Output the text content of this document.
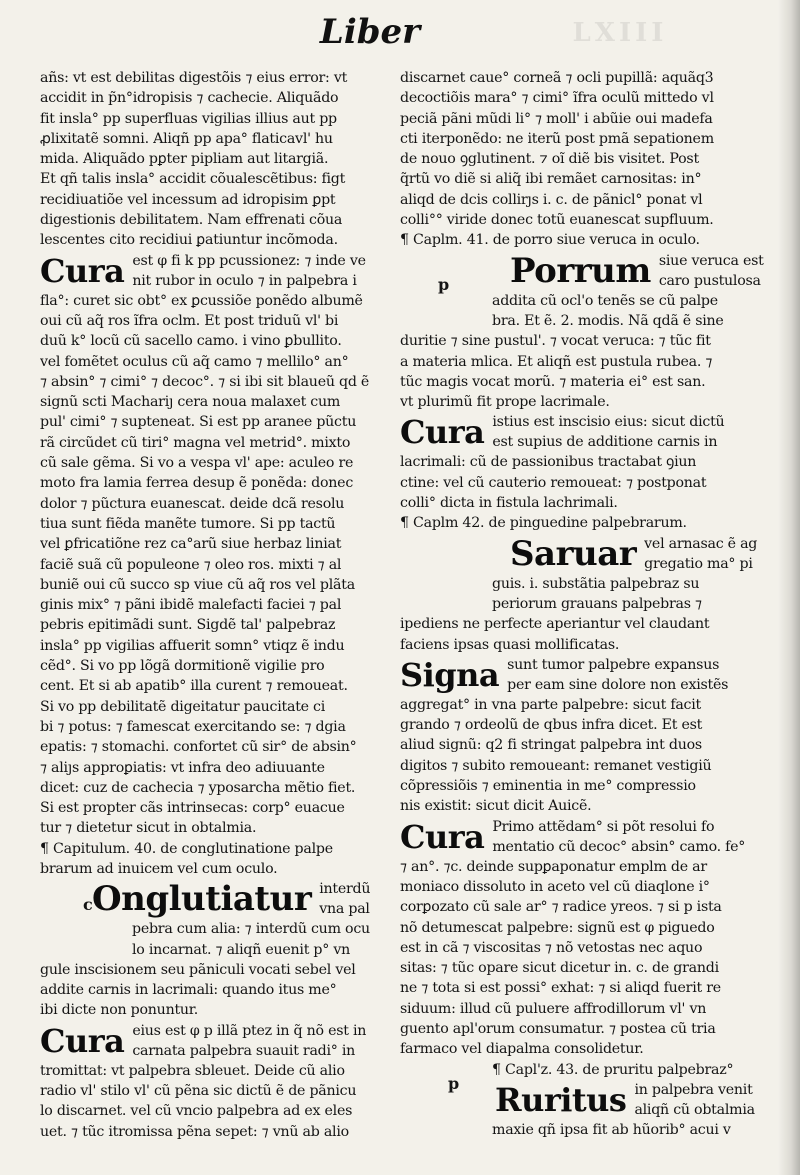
LXIII
Liber
c
p
p
añs: vt est debilitas digestõis ⁊ eius error: vt
accidit in p̃n°idropisis ⁊ cachecie. Aliquãdo
fit insla° pp superfluas vigilias illius aut pp
ꝓlixitatẽ somni. Aliqñ pp apa° flaticavl' hu
mida. Aliquãdo pꝑter pipliam aut litargiã.
Et qñ talis insla° accidit cõualescẽtibus: figt
recidiuatiõe vel incessum ad idropisim ꝑpt
digestionis debilitatem. Nam effrenati cõua
lescentes cito recidiui ꝑatiuntur incõmoda.
Cura est φ fi k pp pcussionez: ⁊ inde ve
nit rubor in oculo ⁊ in palpebra i
fla°: curet sic obt° ex ꝑcussiõe ponẽdo albumẽ
oui cũ aq̃ ros ĩfra oclm. Et post triduũ vl' bi
duũ k° locũ cũ sacello camo. i vino ꝑbullito.
vel fomẽtet oculus cũ aq̃ camo ⁊ mellilo° an°
⁊ absin° ⁊ cimi° ⁊ decoc°. ⁊ si ibi sit blaueũ qd ẽ
signũ scti Machariȷ cera noua malaxet cum
pul' cimi° ⁊ supteneat. Si est pp aranee pũctu
rã circũdet cũ tiri° magna vel metrid°. mixto
cũ sale gẽma. Si vo a vespa vl' ape: aculeo re
moto fra lamia ferrea desup ẽ ponẽda: donec
dolor ⁊ pũctura euanescat. deide dcã resolu
tiua sunt fiẽda manẽte tumore. Si pp tactũ
vel ꝑfricatiõne rez ca°arũ siue herbaz liniat
faciẽ suã cũ populeone ⁊ oleo ros. mixti ⁊ al
buniẽ oui cũ succo sp viue cũ aq̃ ros vel plãta
ginis mix° ⁊ pãni ibidẽ malefacti faciei ⁊ pal
pebris epitimãdi sunt. Sigdẽ tal' palpebraz
insla° pp vigilias affuerit somn° vtiqz ẽ indu
cẽd°. Si vo pp lõgã dormitionẽ vigilie pro
cent. Et si ab apatib° illa curent ⁊ remoueat.
Si vo pp debilitatẽ digeitatur paucitate ci
bi ⁊ potus: ⁊ famescat exercitando se: ⁊ dgia
epatis: ⁊ stomachi. confortet cũ sir° de absin°
⁊ aliȷs approꝑiatis: vt infra deo adiuuante
dicet: cuz de cachecia ⁊ yposarcha mẽtio fiet.
Si est propter cãs intrinsecas: corp° euacue
tur ⁊ dietetur sicut in obtalmia.
¶ Capitulum. 40. de conglutinatione palpe
brarum ad inuicem vel cum oculo.
Onglutiatur interdũ
vna pal
pebra cum alia: ⁊ interdũ cum ocu
lo incarnat. ⁊ aliqñ euenit p° vn
gule inscisionem seu pãniculi vocati sebel vel
addite carnis in lacrimali: quando itus me°
ibi dicte non ponuntur.
Cura eius est φ p illã ptez in q̃ nõ est in
carnata palpebra suauit radi° in
tromittat: vt palpebra sbleuet. Deide cũ alio
radio vl' stilo vl' cũ pẽna sic dictũ ẽ de pãnicu
lo discarnet. vel cũ vncio palpebra ad ex eles
uet. ⁊ tũc itromissa pẽna sepet: ⁊ vnũ ab alio
discarnet caue° corneã ⁊ ocli pupillã: aquãq3
decoctiõis mara° ⁊ cimi° ĩfra oculũ mittedo vl
peciã pãni mũdi li° ⁊ moll' i abũie oui madefa
cti iterponẽdo: ne iterũ post pmã sepationem
de nouo ꝯglutinent. ⁊ oĩ diẽ bis visitet. Post
q̃rtũ vo diẽ si aliq̃ ibi remãet carnositas: in°
aliqd de dcis collirȷs i. c. de pãnicl° ponat vl
colli°° viride donec totũ euanescat supfluum.
¶ Caplm. 41. de porro siue veruca in oculo.
Porrum siue veruca est
caro pustulosa
addita cũ ocl'o tenẽs se cũ palpe
bra. Et ẽ. 2. modis. Nã qdã ẽ sine
duritie ⁊ sine pustul'. ⁊ vocat veruca: ⁊ tũc fit
a materia mlica. Et aliqñ est pustula rubea. ⁊
tũc magis vocat morũ. ⁊ materia ei° est san.
vt plurimũ fit prope lacrimale.
Cura istius est inscisio eius: sicut dictũ
est supius de additione carnis in
lacrimali: cũ de passionibus tractabat ꝯiun
ctine: vel cũ cauterio remoueat: ⁊ postponat
colli° dicta in fistula lachrimali.
¶ Caplm 42. de pinguedine palpebrarum.
Saruar vel arnasac ẽ ag
gregatio ma° pi
guis. i. substãtia palpebraz su
periorum grauans palpebras ⁊
ipediens ne perfecte aperiantur vel claudant
faciens ipsas quasi mollificatas.
Signa sunt tumor palpebre expansus
per eam sine dolore non existẽs
aggregat° in vna parte palpebre: sicut facit
grando ⁊ ordeolũ de qbus infra dicet. Et est
aliud signũ: q2 fi stringat palpebra int duos
digitos ⁊ subito remoueant: remanet vestigiũ
cõpressiõis ⁊ eminentia in me° compressio
nis existit: sicut dicit Auicẽ.
Cura Primo attẽdam° si põt resolui fo
mentatio cũ decoc° absin° camo. fe°
⁊ an°. ⁊c. deinde supꝑaponatur emplm de ar
moniaco dissoluto in aceto vel cũ diaqlone i°
corꝑozato cũ sale ar° ⁊ radice yreos. ⁊ si p ista
nõ detumescat palpebre: signũ est φ piguedo
est in cã ⁊ viscositas ⁊ nõ vetostas nec aquo
sitas: ⁊ tũc opare sicut dicetur in. c. de grandi
ne ⁊ tota si est possi° exhat: ⁊ si aliqd fuerit re
siduum: illud cũ puluere affrodillorum vl' vn
guento apl'orum consumatur. ⁊ postea cũ tria
farmaco vel diapalma consolidetur.
¶ Capl'z. 43. de pruritu palpebraz°
Ruritus in palpebra venit
aliqñ cũ obtalmia
maxie qñ ipsa fit ab hũorib° acui v
